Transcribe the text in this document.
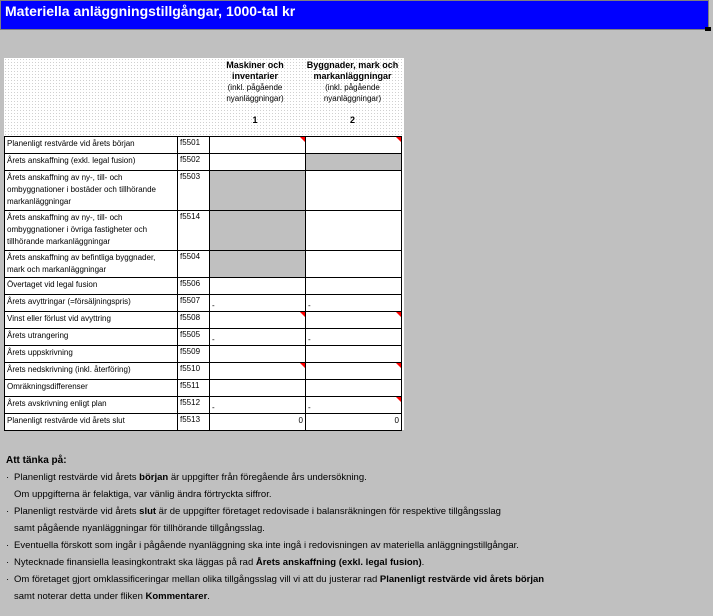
Materiella anläggningstillgångar, 1000-tal kr
Maskiner och inventarier
(inkl. pågående nyanläggningar)

1
Byggnader, mark och markanläggningar
(inkl. pågående nyanläggningar)

2
Planenligt restvärde vid årets början	f5501	

Årets anskaffning (exkl. legal fusion)	f5502	

Årets anskaffning av ny-, till- och ombyggnationer i bostäder och tillhörande markanläggningar	f5503	

Årets anskaffning av ny-, till- och ombyggnationer i övriga fastigheter och tillhörande markanläggningar	f5514	

Årets anskaffning av befintliga byggnader, mark och markanläggningar	f5504	

Övertaget vid legal fusion	f5506	

Årets avyttringar (=försäljningspris)	f5507	-	-

Vinst eller förlust vid avyttring	f5508	

Årets utrangering	f5505	-	-

Årets uppskrivning	f5509	

Årets nedskrivning (inkl. återföring)	f5510	

Omräkningsdifferenser	f5511	

Årets avskrivning enligt plan	f5512	-	-

Planenligt restvärde vid årets slut	f5513	0	0
Att tänka på:
· Planenligt restvärde vid årets början är uppgifter från föregående års undersökning.
Om uppgifterna är felaktiga, var vänlig ändra förtryckta siffror.
· Planenligt restvärde vid årets slut är de uppgifter företaget redovisade i balansräkningen för respektive tillgångsslag
samt pågående nyanläggningar för tillhörande tillgångsslag.
· Eventuella förskott som ingår i pågående nyanläggning ska inte ingå i redovisningen av materiella anläggningstillgångar.
· Nytecknade finansiella leasingkontrakt ska läggas på rad Årets anskaffning (exkl. legal fusion).
· Om företaget gjort omklassificeringar mellan olika tillgångsslag vill vi att du justerar rad Planenligt restvärde vid årets början
samt noterar detta under fliken Kommentarer.
